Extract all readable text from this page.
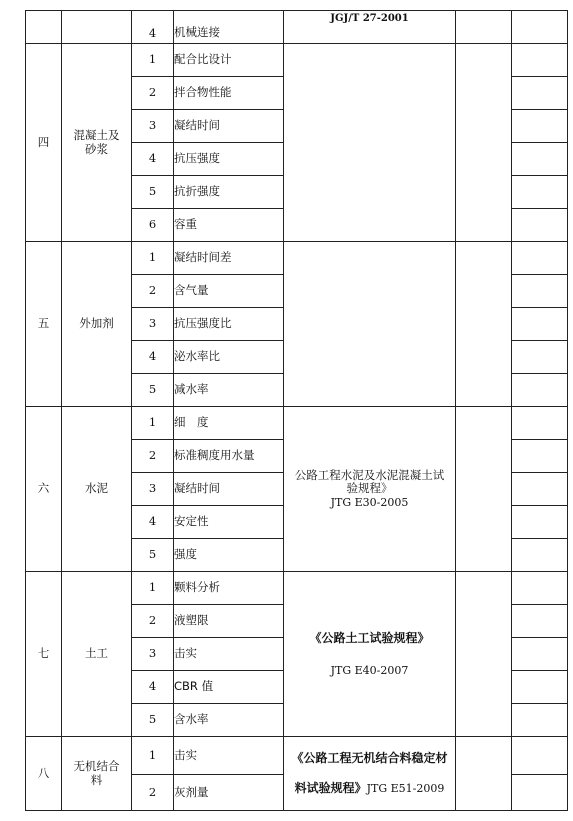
		4	机械连接	JGJ/T 27-2001		
四	混凝土及
砂浆	1	配合比设计			
		2	拌合物性能			
		3	凝结时间			
		4	抗压强度			
		5	抗折强度			
		6	容重			
五	外加剂	1	凝结时间差			
		2	含气量			
		3	抗压强度比			
		4	泌水率比			
		5	减水率			
六	水泥	1	细　度	公路工程水泥及水泥混凝土试
验规程》
JTG E30-2005		

		2	标准稠度用水量			
		3	凝结时间			
		4	安定性			
		5	强度			
七	土工	1	颗料分析	《公路土工试验规程》
JTG E40-2007		

		2	液塑限			
		3	击实			
		4	CBR 值			
		5	含水率			
八	无机结合
料	1	击实	《公路工程无机结合料稳定材
料试验规程》JTG E51-2009		

		2	灰剂量			
